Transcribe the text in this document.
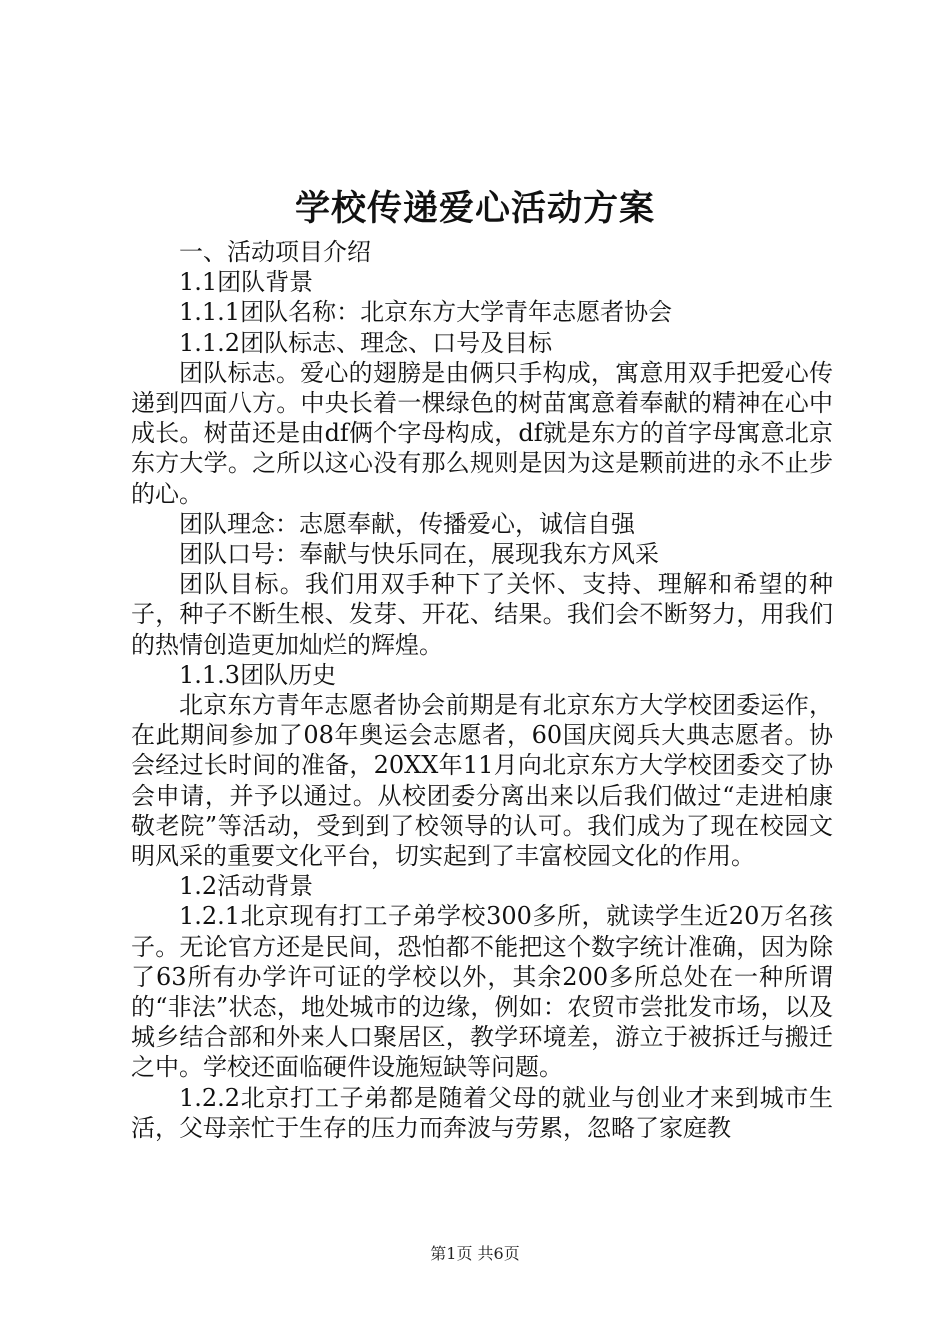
学校传递爱心活动方案

一、活动项目介绍

1.1团队背景

1.1.1团队名称：北京东方大学青年志愿者协会

1.1.2团队标志、理念、口号及目标

团队标志。爱心的翅膀是由俩只手构成，寓意用双手把爱心传递到四面八方。中央长着一棵绿色的树苗寓意着奉献的精神在心中成长。树苗还是由df俩个字母构成，df就是东方的首字母寓意北京东方大学。之所以这心没有那么规则是因为这是颗前进的永不止步的心。

团队理念：志愿奉献，传播爱心，诚信自强

团队口号：奉献与快乐同在，展现我东方风采

团队目标。我们用双手种下了关怀、支持、理解和希望的种子，种子不断生根、发芽、开花、结果。我们会不断努力，用我们的热情创造更加灿烂的辉煌。

1.1.3团队历史

北京东方青年志愿者协会前期是有北京东方大学校团委运作，在此期间参加了08年奥运会志愿者，60国庆阅兵大典志愿者。协会经过长时间的准备，20XX年11月向北京东方大学校团委交了协会申请，并予以通过。从校团委分离出来以后我们做过“走进柏康敬老院”等活动，受到到了校领导的认可。我们成为了现在校园文明风采的重要文化平台，切实起到了丰富校园文化的作用。

1.2活动背景

1.2.1北京现有打工子弟学校300多所，就读学生近20万名孩子。无论官方还是民间，恐怕都不能把这个数字统计准确，因为除了63所有办学许可证的学校以外，其余200多所总处在一种所谓的“非法”状态，地处城市的边缘，例如：农贸市尝批发市场，以及城乡结合部和外来人口聚居区，教学环境差，游立于被拆迁与搬迁之中。学校还面临硬件设施短缺等问题。

1.2.2北京打工子弟都是随着父母的就业与创业才来到城市生活，父母亲忙于生存的压力而奔波与劳累，忽略了家庭教

第1页 共6页
